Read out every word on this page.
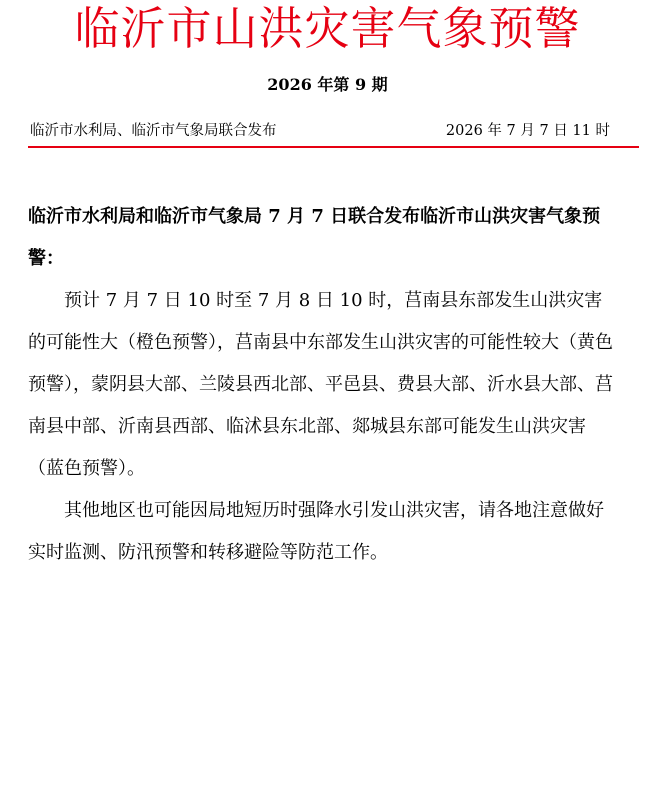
临沂市山洪灾害气象预警
2026 年第 9 期
临沂市水利局、临沂市气象局联合发布	2026 年 7 月 7 日 11 时

临沂市水利局和临沂市气象局 7 月 7 日联合发布临沂市山洪灾害气象预警：

预计 7 月 7 日 10 时至 7 月 8 日 10 时，莒南县东部发生山洪灾害的可能性大（橙色预警），莒南县中东部发生山洪灾害的可能性较大（黄色预警），蒙阴县大部、兰陵县西北部、平邑县、费县大部、沂水县大部、莒南县中部、沂南县西部、临沭县东北部、郯城县东部可能发生山洪灾害（蓝色预警）。

其他地区也可能因局地短历时强降水引发山洪灾害，请各地注意做好实时监测、防汛预警和转移避险等防范工作。
